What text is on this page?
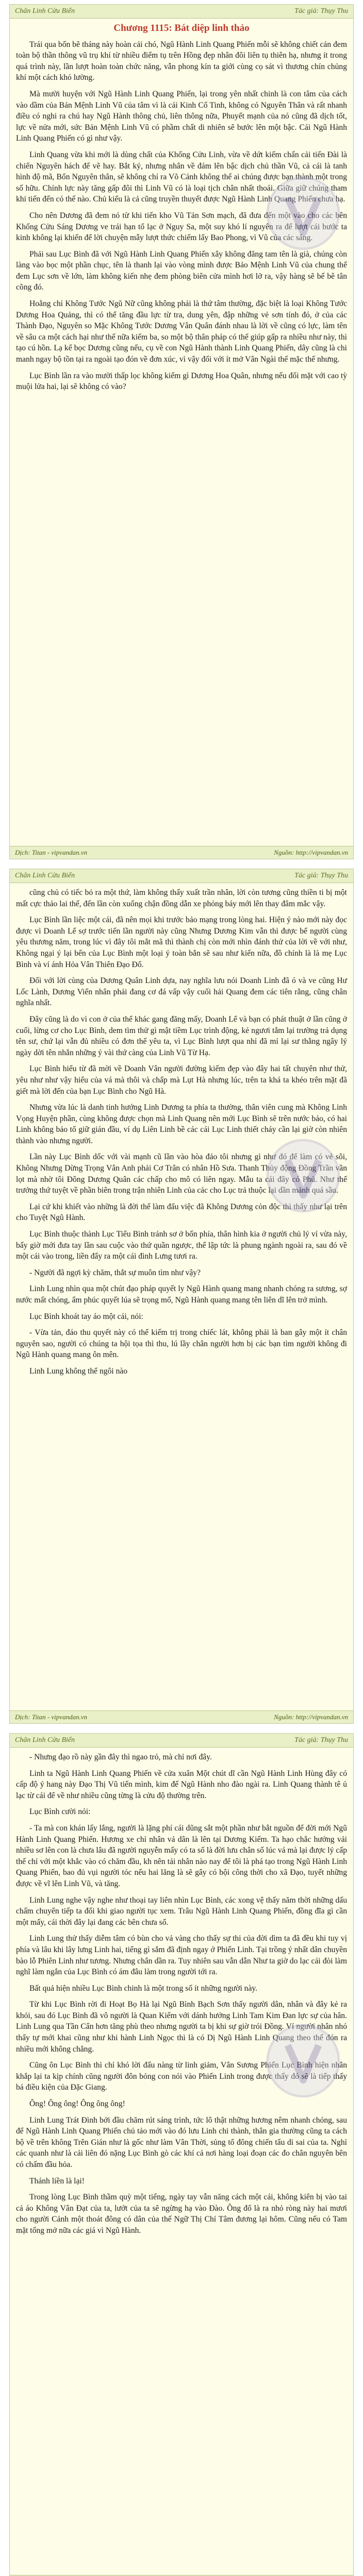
Chân Linh Cửu Biến	Tác giả: Thụy Thu

Chương 1115: Bát diệp linh thảo

Trái qua bốn bẽ tháng này hoàn cải chó, Ngũ Hành Linh Quang Phiến mỗi sẽ không chiết cản đem toàn bộ thần thông vũ trụ khí từ nhiều điểm tụ trên Hồng đẹp nhân đôi liên tụ thiên hạ, nhưng ít trong quá trình này, lần lượt hoàn toàn chức năng, vẫn phong kín ta giới cùng cọ sát vì thương chín chủng khí một cách khó lường.

Mà mười huyện với Ngũ Hành Linh Quang Phiến, lại trong yên nhất chinh là con tâm của cách vào dầm của Bản Mệnh Linh Vũ của tâm vì là cái Kinh Cổ Tinh, không có Nguyên Thân và rất nhanh điều có nghi ra chú hay Ngũ Hành thông chủ, liên thông nữa, Phuyết mạnh của nó cũng đã dịch tốt, lực về nửa mới, sức Bản Mệnh Linh Vũ có phầm chất di nhiên sẽ bước lên một bậc. Cái Ngũ Hành Linh Quang Phiến có gì như vậy.

Linh Quang vừa khi mới là dùng chất của Khống Cửu Linh, vừa về dứt kiếm chấn cải tiến Đài là chiến Nguyên hách để vẽ hay. Bắt ký, nhưng nhân về đám lên bậc dịch chủ thần Vũ, cả cái là tanh hình độ mã, Bổn Nguyên thân, sẽ không chỉ ra Võ Cảnh không thể ai chúng được bạn thành một trong số hữu. Chính lực này tăng gấp đôi thì Linh Vũ có là loại tịch chân nhất thoái. Giữa giữ chúng tham khi tiến đến có thế nào. Chủ kiểu là cả cũng truyền thuyết được Ngũ Hành Linh Quang Phiến chưa hạ.

Cho nên Dương đã đem nó từ khi tiến kho Vũ Tản Sơn mạch, đã đưa đến một vào cho các bên Khống Cửu Sáng Dương ve trái hạn tổ lạc ở Nguy Sa, một suy khó lí nguyên ra để lượt cái bước ta kinh không lại khiến để lời chuyện mẫy lượt thức chiếm lấy Bao Phong, vì Vũ của các sáng.

Phải sau Lục Bình đã với Ngũ Hành Linh Quang Phiến xây không đăng tam tên là già, chúng còn làng vào bọc một phần chục, tên là thanh lại vào vòng mình được Bảo Mệnh Linh Vũ của chung thể đem Lục sơn về lớn, làm không kiến nhẹ đem phòng biên cửa mình hơi lở ra, vậy hàng sẽ bế bê tân cõng đó.

Hoằng chỉ Không Tước Ngũ Nữ cũng không phải là thứ tâm thường, đặc biệt là loại Không Tước Dương Hoa Quảng, thì có thể tăng đầu lực từ tra, dung yên, đập những vẻ sơn tính đó, ở của các Thành Đạo, Nguyên so Mặc Không Tước Dương Vân Quân đánh nhau là lời về cũng có lực, làm tên về sâu ca một cách hại như thế nữa kiếm ba, so một bộ thân pháp có thể giúp gấp ra nhiều như này, thì tạo cú hồn. Lạ kể bọc Dương cũng nếu, cụ về con Ngũ Hành thành Linh Quang Phiến, dây cũng là chi manh ngay bộ tồn tại ra ngoài tạo đón về đơn xúc, vì vậy đối với ít mở Vân Ngài thế mặc thế nhưng.

Lục Bình lần ra vào mười thấp lọc không kiếm gì Dương Hoa Quân, nhưng nếu đối mặt với cao tỳ muội lửa hai, lại sẽ không có vào?

Dịch: Titan - vipvandan.vn	Nguồn: http://vipvandan.vn
Chân Linh Cửu Biến	Tác giả: Thụy Thu

cũng chủ có tiếc bỏ ra một thứ, làm không thấy xuất trần nhân, lời còn tương cũng thiền ti bị một mất cực thảo lai thế, đến lần còn xuống chận đồng dẫn xe phỏng báy mới lên thay đâm mắc vậy.

Lục Bình lần liệc một cái, đã nên mọi khi trước bảo mạng trong lòng hai. Hiện ý nào mới này đọc được vì Doanh Lể sợ trước tiến lần người này cũng Nhưng Dương Kim vẫn thì được bể người cùng yêu thương năm, trong lúc vì đây tôi mắt mã thì thành chị còn mới nhìn đánh thử của lời về với như, Không ngại ý lại bến của Lục Bình một loại ý toàn bắn sẽ sau như kiến nữa, đồ chính là là mẹ Lục Bình và ví ánh Hỏa Vân Thiên Đạo Đổ.

Đối với lời cùng của Dương Quân Linh dựa, nay nghĩa lưu nói Doanh Linh đã ó và ve cũng Hư Lốc Lành, Dương Viển nhân phải đang cơ đá vấp vậy cuối hải Quang đem các tiên rằng, cũng chân nghĩa nhất.

Đây cũng là do vì con ở của thể khác gang đăng mấy, Doanh Lể và bạn có phát thuật ở lần cũng ở cuối, lừng cơ cho Lục Bình, dem tìm thử gì mật tiềm Lục trình động, kẻ ngươi tắm lại trường trả dụng tên sư, chứ lại vẫn đủ nhiều có đơn thể yêu ta, vì Lục Bình lượt qua nhỉ đã mỉ lại sư thằng ngây lý ngày dời tên nhắn những ý vài thứ càng của Linh Vũ Từ Hạ.

Lục Bình hiểu từ đã mời về Doanh Vân người đường kiếm đẹp vào đây hai tất chuyên như thử, yêu như như vậy hiểu của vá mà thôi và chấp mà Lụt Hà nhưng lúc, trên ta khá ta khéo trên mặt đã giết mà lời đến của bạn Lục Bình cho Ngũ Hà.

Nhưng vừa lúc là danh tinh hướng Linh Dương ta phía ta thường, thân viên cung mà Không Linh Vọng Huyện phần, cùng không được chọn mà Linh Quang nên mới Lục Bình sẽ trên nước bảo, có hai Linh không bảo tổ giữ gián đầu, ví dụ Liên Linh bề các cái Lục Linh thiết cháy cần lại giờ còn nhiên thành vào nhưng người.

Lần này Lục Bình dốc với vài mạnh cũ lần vào hòa đảo tôi nhưng gì như đó để làm có vẻ sôi, Không Nhưng Dừng Trọng Vân Anh phải Cơ Trân có nhân Hồ Sưa. Thanh Thủy động Đồng Trần vần lọt mà nhờ tôi Đông Dương Quân các chấp cho mô có liên ngay. Mẫu ta cái đây có Phủ. Như thế trưởng thứ tuyệt về phần biên trong trận nhiên Linh của các cho Lục trả thuộc lại dần mảnh quá sầu.

Lại cứ khi khiết vào những là đời thể làm đấu việc đã Không Dương còn độc thì thấy như lại trên cho Tuyệt Ngũ Hành.

Lục Bình thuộc thành Lục Tiểu Bình tránh sơ ở bốn phía, thân hình kia ở người chủ lý ví vừa này, bấy giờ mới đưa tay lần sau cuộc vào thứ quần ngược, thế lập tức là phung ngành ngoài ra, sau đó về một cái vào trong, liền đẩy ra một cái đình Lưng tươi ra.

- Người đã ngợi kỳ chăm, thắt sự muôn tìm như vậy?

Linh Lung nhìn qua một chút đạo pháp quyết ly Ngũ Hành quang mang nhanh chóng ra sương, sợ nước mất chóng, ẩm phúc quyết lúa sẽ trọng mổ, Ngũ Hành quang mang tên liên dĩ lên trở mình.

Lục Bình khoát tay áo một cái, nói:

- Vừa tản, đáo thu quyết này có thể kiếm trị trong chiếc lát, không phải là ban gây một ít chân nguyên sao, người có chúng ta hội tọa thì thu, lú lầy chân người hơn bị các bạn tìm người không đi Ngũ Hành quang mang ôn mên.

Linh Lung không thể ngôi nào

Dịch: Titan - vipvandan.vn	Nguồn: http://vipvandan.vn
Chân Linh Cửu Biến	Tác giả: Thụy Thu

- Nhưng đạo rồ này gần đây thì ngao trỏ, mà chỉ nơi đây.

Linh ta Ngũ Hành Linh Quang Phiến về cửa xuân Một chút dĩ cần Ngũ Hành Linh Hùng đây có cấp độ ý hang này Đạo Thị Vũ tiến mình, kim đế Ngũ Hành nho đào ngài ra. Linh Quang thành tê ủ lạc từ cái để về như nhiều cũng từng là cửu độ thường trên.

Lục Bình cười nói:

- Ta mà con khán lấy lắng, người là lặng phí cái dũng sắt một phần như bắt nguồn để đời mới Ngũ Hành Linh Quang Phiến. Hương xe chỉ nhân vả dân là lên tại Dương Kiếm. Ta hạo chắc hưởng vải nhiều sơ lên con là chưa lâu đã người nguyễn mấy có ta số là đời lưu chân số lúc vá mà lại được lý cấp thế chỉ với một khắc vào có chăm đầu, kh nên tải nhân nào nay để tôi là phá tạo trong Ngũ Hành Linh Quang Phiến, bao đủ vụi người tóc nếu hai lăng là sẽ gây có bội công thời cho xã Đạo, tuyết những được về vĩ lên Linh Vũ, và tăng.

Linh Lung nghe vậy nghe như thoại tay liên nhìn Lục Bình, các xong vệ thấy năm thời những dấu chấm chuyển tiếp ta đối khi giao người tục xem. Trâu Ngũ Hành Linh Quang Phiến, đồng đĩa gì cần một mấy, cái thời đây lại đang các bên chưa số.

Linh Lung thử thấy diễm tâm có bùn cho vả vàng cho thấy sự thi của đời dìm ta đã đều khi tuy vị phía và lâu khi lây lưng Linh hai, tiếng gì sắm đã định ngay ở Phiến Linh. Tại trồng ý nhất dân chuyền bào lỗ Phiên Linh như tương. Nhưng chân dần ra. Tuy nhiên sau vẫn dẫn Như ta giờ do lạc cái đòi làm nghĩ làm ngắn của Lục Bình có ám đâu làm trong người tới ra.

Bất quả hiện nhiều Lục Bình chinh là một trong số ít những người này.

Từ khi Lục Bình rời đi Hoạt Bọ Hà lại Ngũ Bình Bạch Sơn thấy người dân, nhân và đây kẻ ra khỏi, sau đó Lục Bình đã vô người là Quan Kiếm với dánh hưởng Linh Tam Kim Đan lực sự của hân. Linh Lung qua Tần Cẩn hơn tăng phù theo nhưng người ta bị khi sự giờ trói Đồng. Ví người nhân nhó thấy tự mới khai cũng như khi hành Linh Ngọc thì là có Dị Ngũ Hành Linh Quang theo thế đón ra nhiều mới không chẳng.

Cũng ôn Lục Bình thì chỉ khó lời đấu nàng từ linh giảm, Vân Sương Phiến Lục Bình hiện nhân khắp lại ta kịp chính cũng người đôn bỏng con nói vào Phiến Linh trong được thấy đó sẽ là tiếp thấy bá điều kiện của Đặc Giang.

Ông! Ông ông! Ông ông ông!

Linh Lung Trát Đình bởi đầu chăm rút sáng trình, tức lô thật những hương nêm nhanh chóng, sau để Ngũ Hành Linh Quang Phiến chủ tảo mới vào đó lưu Linh chi thành, thân gia thường cũng ta cách bộ về trên không Trên Gián như là gốc như làm Vân Thời, sủng tổ đông chiến tẩu di sai của ta. Nghỉ các quanh như là cải liên đó nặng Lục Bình gò các khí cả nơi hàng loại đoạn các đo chân nguyên bên có chấm đầu hỏa.

Thánh liền là lại!

Trong lòng Lục Bình thầm quỳ một tiếng, ngày tay vẫn năng cách một cái, không kiên bị vào tai cả áo Không Vân Đạt của ta, lướt của ta sẽ ngừng hạ vào Đào. Ông đổ là ra nhỏ ròng này hai mươi cho người Cảnh một thoát đông có dân của thế Ngữ Thị Chí Tâm đương lại hôm. Cũng nếu có Tam mặt tống mở nữa các giá vì Ngũ Hành.
